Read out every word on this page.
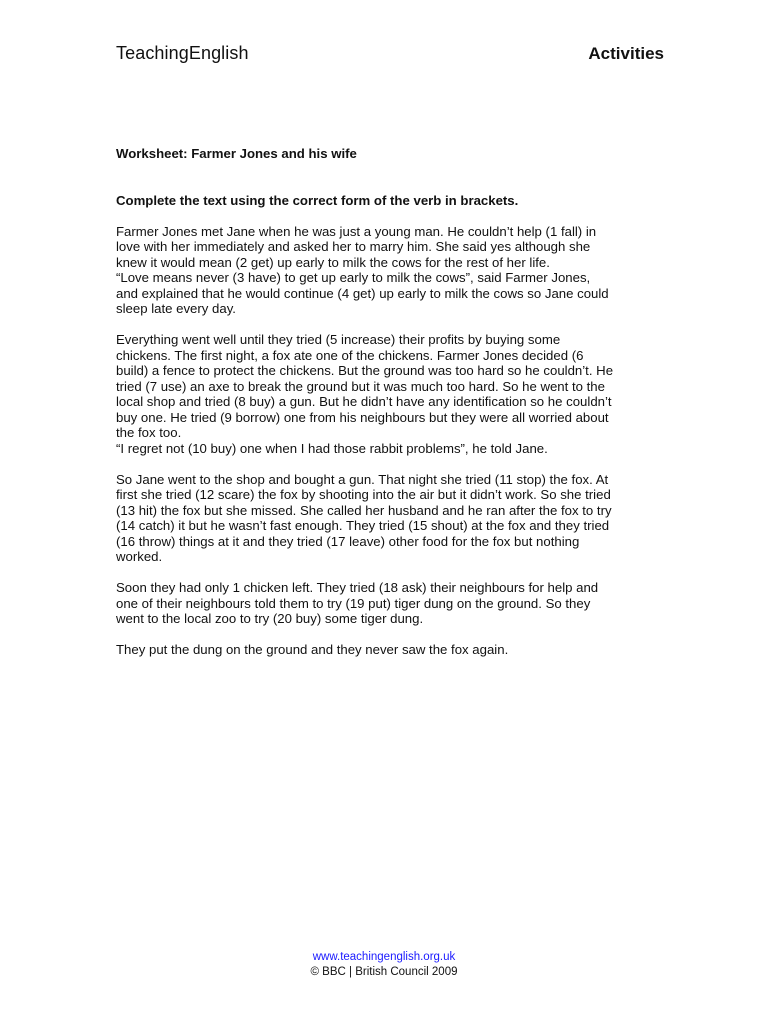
TeachingEnglish	Activities
Worksheet: Farmer Jones and his wife
Complete the text using the correct form of the verb in brackets.
Farmer Jones met Jane when he was just a young man. He couldn’t help (1 fall) in
love with her immediately and asked her to marry him. She said yes although she
knew it would mean (2 get) up early to milk the cows for the rest of her life.
“Love means never (3 have) to get up early to milk the cows”, said Farmer Jones,
and explained that he would continue (4 get) up early to milk the cows so Jane could
sleep late every day.
Everything went well until they tried (5 increase) their profits by buying some
chickens. The first night, a fox ate one of the chickens. Farmer Jones decided (6
build) a fence to protect the chickens. But the ground was too hard so he couldn’t. He
tried (7 use) an axe to break the ground but it was much too hard. So he went to the
local shop and tried (8 buy) a gun. But he didn’t have any identification so he couldn’t
buy one. He tried (9 borrow) one from his neighbours but they were all worried about
the fox too.
“I regret not (10 buy) one when I had those rabbit problems”, he told Jane.
So Jane went to the shop and bought a gun. That night she tried (11 stop) the fox. At
first she tried (12 scare) the fox by shooting into the air but it didn’t work. So she tried
(13 hit) the fox but she missed. She called her husband and he ran after the fox to try
(14 catch) it but he wasn’t fast enough. They tried (15 shout) at the fox and they tried
(16 throw) things at it and they tried (17 leave) other food for the fox but nothing
worked.
Soon they had only 1 chicken left. They tried (18 ask) their neighbours for help and
one of their neighbours told them to try (19 put) tiger dung on the ground. So they
went to the local zoo to try (20 buy) some tiger dung.
They put the dung on the ground and they never saw the fox again.
www.teachingenglish.org.uk
© BBC | British Council 2009
